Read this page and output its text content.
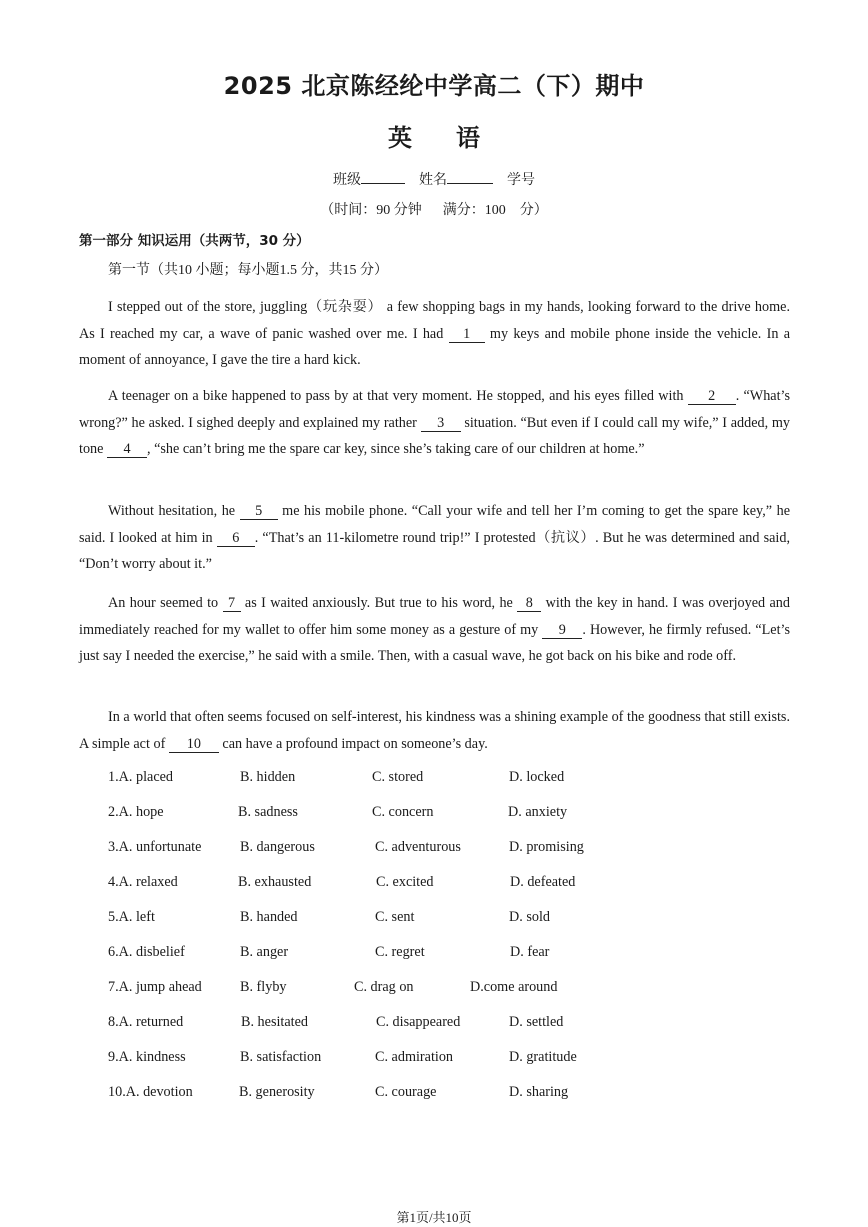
2025 北京陈经纶中学高二（下）期中
英语
班级	姓名	学号
（时间：90 分钟      满分：100    分）
第一部分 知识运用（共两节，30 分）
第一节（共10 小题；每小题1.5 分，共15 分）

I stepped out of the store, juggling（玩杂耍） a few shopping bags in my hands, looking forward to the drive home. As I reached my car, a wave of panic washed over me. I had 1 my keys and mobile phone inside the vehicle. In a moment of annoyance, I gave the tire a hard kick.

A teenager on a bike happened to pass by at that very moment. He stopped, and his eyes filled with 2 . “What’s wrong?” he asked. I sighed deeply and explained my rather 3 situation. “But even if I could call my wife,” I added, my tone 4 , “she can’t bring me the spare car key, since she’s taking care of our children at home.”

Without hesitation, he 5 me his mobile phone. “Call your wife and tell her I’m coming to get the spare key,” he said. I looked at him in 6 . “That’s an 11-kilometre round trip!” I protested（抗议）. But he was determined and said, “Don’t worry about it.”

An hour seemed to 7 as I waited anxiously. But true to his word, he 8 with the key in hand. I was overjoyed and immediately reached for my wallet to offer him some money as a gesture of my 9 . However, he firmly refused. “Let’s just say I needed the exercise,” he said with a smile. Then, with a casual wave, he got back on his bike and rode off.

In a world that often seems focused on self-interest, his kindness was a shining example of the goodness that still exists. A simple act of 10 can have a profound impact on someone’s day.

1.A. placed	B. hidden	C. stored	D. locked
2.A. hope	B. sadness	C. concern	D. anxiety
3.A. unfortunate	B. dangerous	C. adventurous	D. promising
4.A. relaxed	B. exhausted	C. excited	D. defeated
5.A. left	B. handed	C. sent	D. sold
6.A. disbelief	B. anger	C. regret	D. fear
7.A. jump ahead	B. flyby	C. drag on	D.come around
8.A. returned	B. hesitated	C. disappeared	D. settled
9.A. kindness	B. satisfaction	C. admiration	D. gratitude
10.A. devotion	B. generosity	C. courage	D. sharing
第1页/共10页
